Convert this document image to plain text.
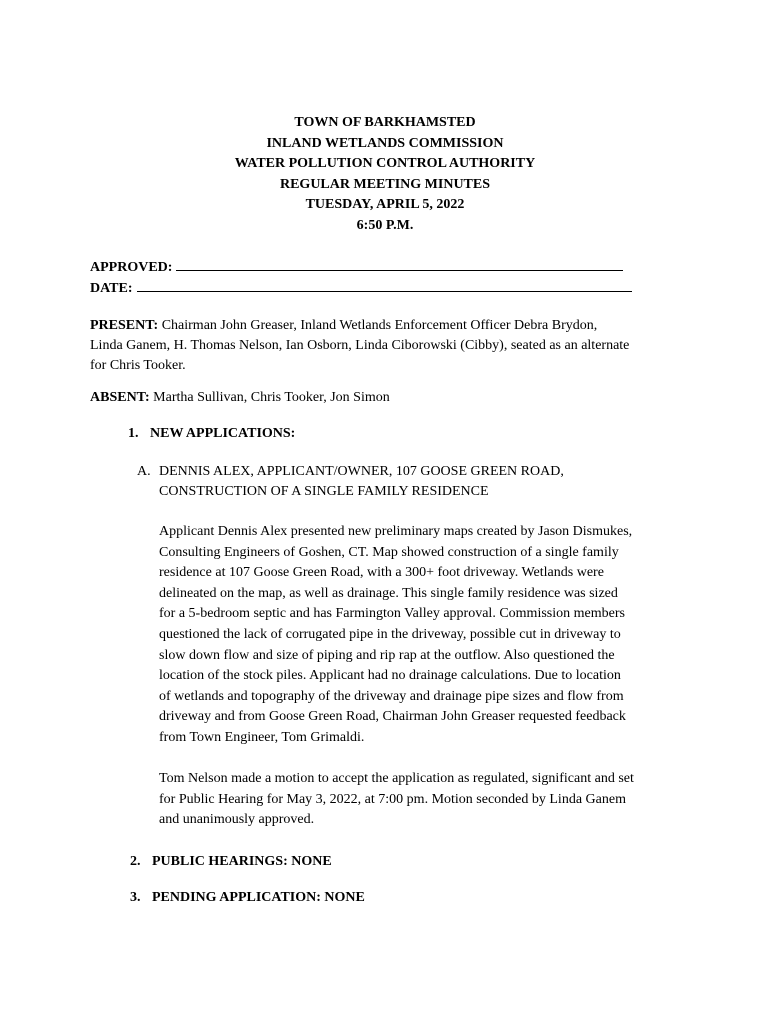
TOWN OF BARKHAMSTED
INLAND WETLANDS COMMISSION
WATER POLLUTION CONTROL AUTHORITY
REGULAR MEETING MINUTES
TUESDAY, APRIL 5, 2022
6:50 P.M.
APPROVED:
DATE:
PRESENT: Chairman John Greaser, Inland Wetlands Enforcement Officer Debra Brydon,
Linda Ganem, H. Thomas Nelson, Ian Osborn, Linda Ciborowski (Cibby), seated as an alternate
for Chris Tooker.
ABSENT: Martha Sullivan, Chris Tooker, Jon Simon
1. NEW APPLICATIONS:
A. DENNIS ALEX, APPLICANT/OWNER, 107 GOOSE GREEN ROAD,
CONSTRUCTION OF A SINGLE FAMILY RESIDENCE
Applicant Dennis Alex presented new preliminary maps created by Jason Dismukes,
Consulting Engineers of Goshen, CT. Map showed construction of a single family
residence at 107 Goose Green Road, with a 300+ foot driveway. Wetlands were
delineated on the map, as well as drainage. This single family residence was sized
for a 5-bedroom septic and has Farmington Valley approval. Commission members
questioned the lack of corrugated pipe in the driveway, possible cut in driveway to
slow down flow and size of piping and rip rap at the outflow. Also questioned the
location of the stock piles. Applicant had no drainage calculations. Due to location
of wetlands and topography of the driveway and drainage pipe sizes and flow from
driveway and from Goose Green Road, Chairman John Greaser requested feedback
from Town Engineer, Tom Grimaldi.
Tom Nelson made a motion to accept the application as regulated, significant and set
for Public Hearing for May 3, 2022, at 7:00 pm. Motion seconded by Linda Ganem
and unanimously approved.
2. PUBLIC HEARINGS: NONE
3. PENDING APPLICATION: NONE
